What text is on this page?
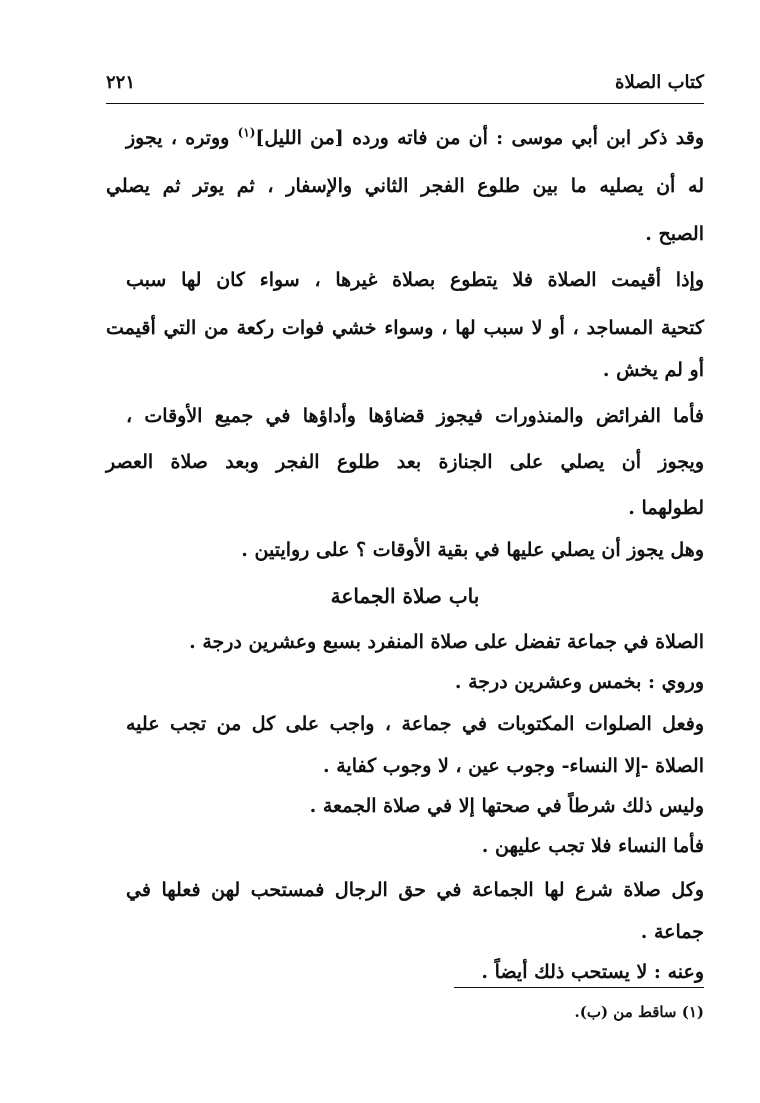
كتاب الصلاة
٢٢١
وقد ذكر ابن أبي موسى : أن من فاته ورده [من الليل]$^{(١)}$ ووتره ، يجوز
له أن يصليه ما بين طلوع الفجر الثاني والإسفار ، ثم يوتر ثم يصلي
الصبح .
وإذا أقيمت الصلاة فلا يتطوع بصلاة غيرها ، سواء كان لها سبب
كتحية المساجد ، أو لا سبب لها ، وسواء خشي فوات ركعة من التي أقيمت
أو لم يخش .
فأما الفرائض والمنذورات فيجوز قضاؤها وأداؤها في جميع الأوقات ،
ويجوز أن يصلي على الجنازة بعد طلوع الفجر وبعد صلاة العصر
لطولهما .
وهل يجوز أن يصلي عليها في بقية الأوقات ؟ على روايتين .
باب صلاة الجماعة
الصلاة في جماعة تفضل على صلاة المنفرد بسبع وعشرين درجة .
وروي : بخمس وعشرين درجة .
وفعل الصلوات المكتوبات في جماعة ، واجب على كل من تجب عليه
الصلاة -إلا النساء- وجوب عين ، لا وجوب كفاية .
وليس ذلك شرطاً في صحتها إلا في صلاة الجمعة .
فأما النساء فلا تجب عليهن .
وكل صلاة شرع لها الجماعة في حق الرجال فمستحب لهن فعلها في
جماعة .
وعنه : لا يستحب ذلك أيضاً .
(١) ساقط من (ب).
